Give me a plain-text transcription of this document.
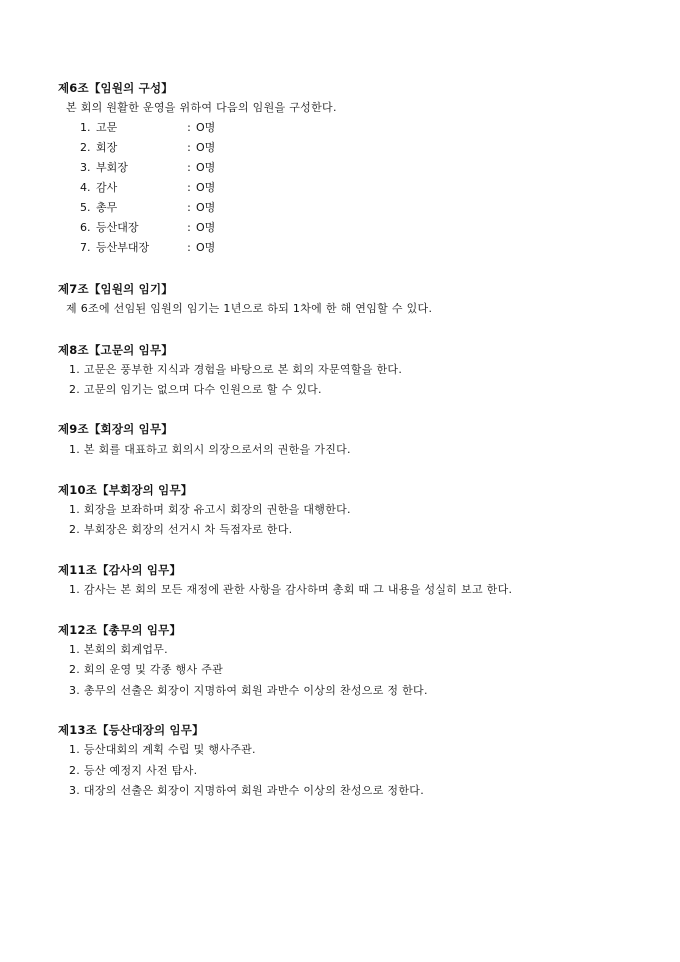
제6조【임원의 구성】
본 회의 원활한 운영을 위하여 다음의 임원을 구성한다.
1. 고문	: O명
2. 회장	: O명
3. 부회장	: O명
4. 감사	: O명
5. 총무	: O명
6. 등산대장	: O명
7. 등산부대장	: O명
제7조【임원의 임기】
제 6조에 선임된 임원의 임기는 1년으로 하되 1차에 한 해 연임할 수 있다.
제8조【고문의 임무】
1. 고문은 풍부한 지식과 경험을 바탕으로 본 회의 자문역할을 한다.
2. 고문의 임기는 없으며 다수 인원으로 할 수 있다.
제9조【회장의 임무】
1. 본 회를 대표하고 회의시 의장으로서의 권한을 가진다.
제10조【부회장의 임무】
1. 회장을 보좌하며 회장 유고시 회장의 권한을 대행한다.
2. 부회장은 회장의 선거시 차 득점자로 한다.
제11조【감사의 임무】
1. 감사는 본 회의 모든 재정에 관한 사항을 감사하며 총회 때 그 내용을 성실히 보고 한다.
제12조【총무의 임무】
1. 본회의 회계업무.
2. 회의 운영 및 각종 행사 주관
3. 총무의 선출은 회장이 지명하여 회원 과반수 이상의 찬성으로 정 한다.
제13조【등산대장의 임무】
1. 등산대회의 계획 수립 및 행사주관.
2. 등산 예정지 사전 탐사.
3. 대장의 선출은 회장이 지명하여 회원 과반수 이상의 찬성으로 정한다.
